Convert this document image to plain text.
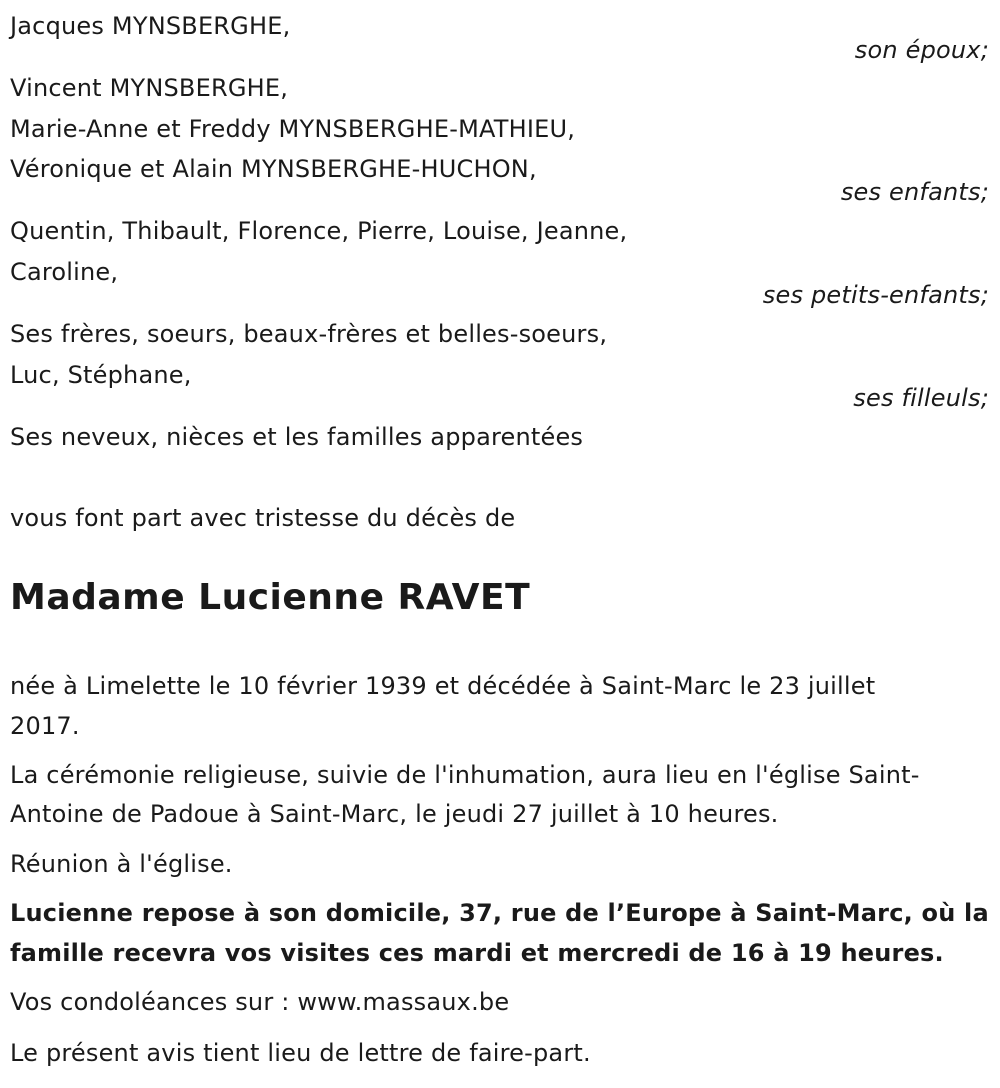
Jacques MYNSBERGHE,
son époux;
Vincent MYNSBERGHE,
Marie-Anne et Freddy MYNSBERGHE-MATHIEU,
Véronique et Alain MYNSBERGHE-HUCHON,
ses enfants;
Quentin, Thibault, Florence, Pierre, Louise, Jeanne,
Caroline,
ses petits-enfants;
Ses frères, soeurs, beaux-frères et belles-soeurs,
Luc, Stéphane,
ses filleuls;
Ses neveux, nièces et les familles apparentées
vous font part avec tristesse du décès de
Madame Lucienne RAVET
née à Limelette le 10 février 1939 et décédée à Saint-Marc le 23 juillet
2017.
La cérémonie religieuse, suivie de l'inhumation, aura lieu en l'église Saint-
Antoine de Padoue à Saint-Marc, le jeudi 27 juillet à 10 heures.
Réunion à l'église.
Lucienne repose à son domicile, 37, rue de l’Europe à Saint-Marc, où la
famille recevra vos visites ces mardi et mercredi de 16 à 19 heures.
Vos condoléances sur : www.massaux.be
Le présent avis tient lieu de lettre de faire-part.
